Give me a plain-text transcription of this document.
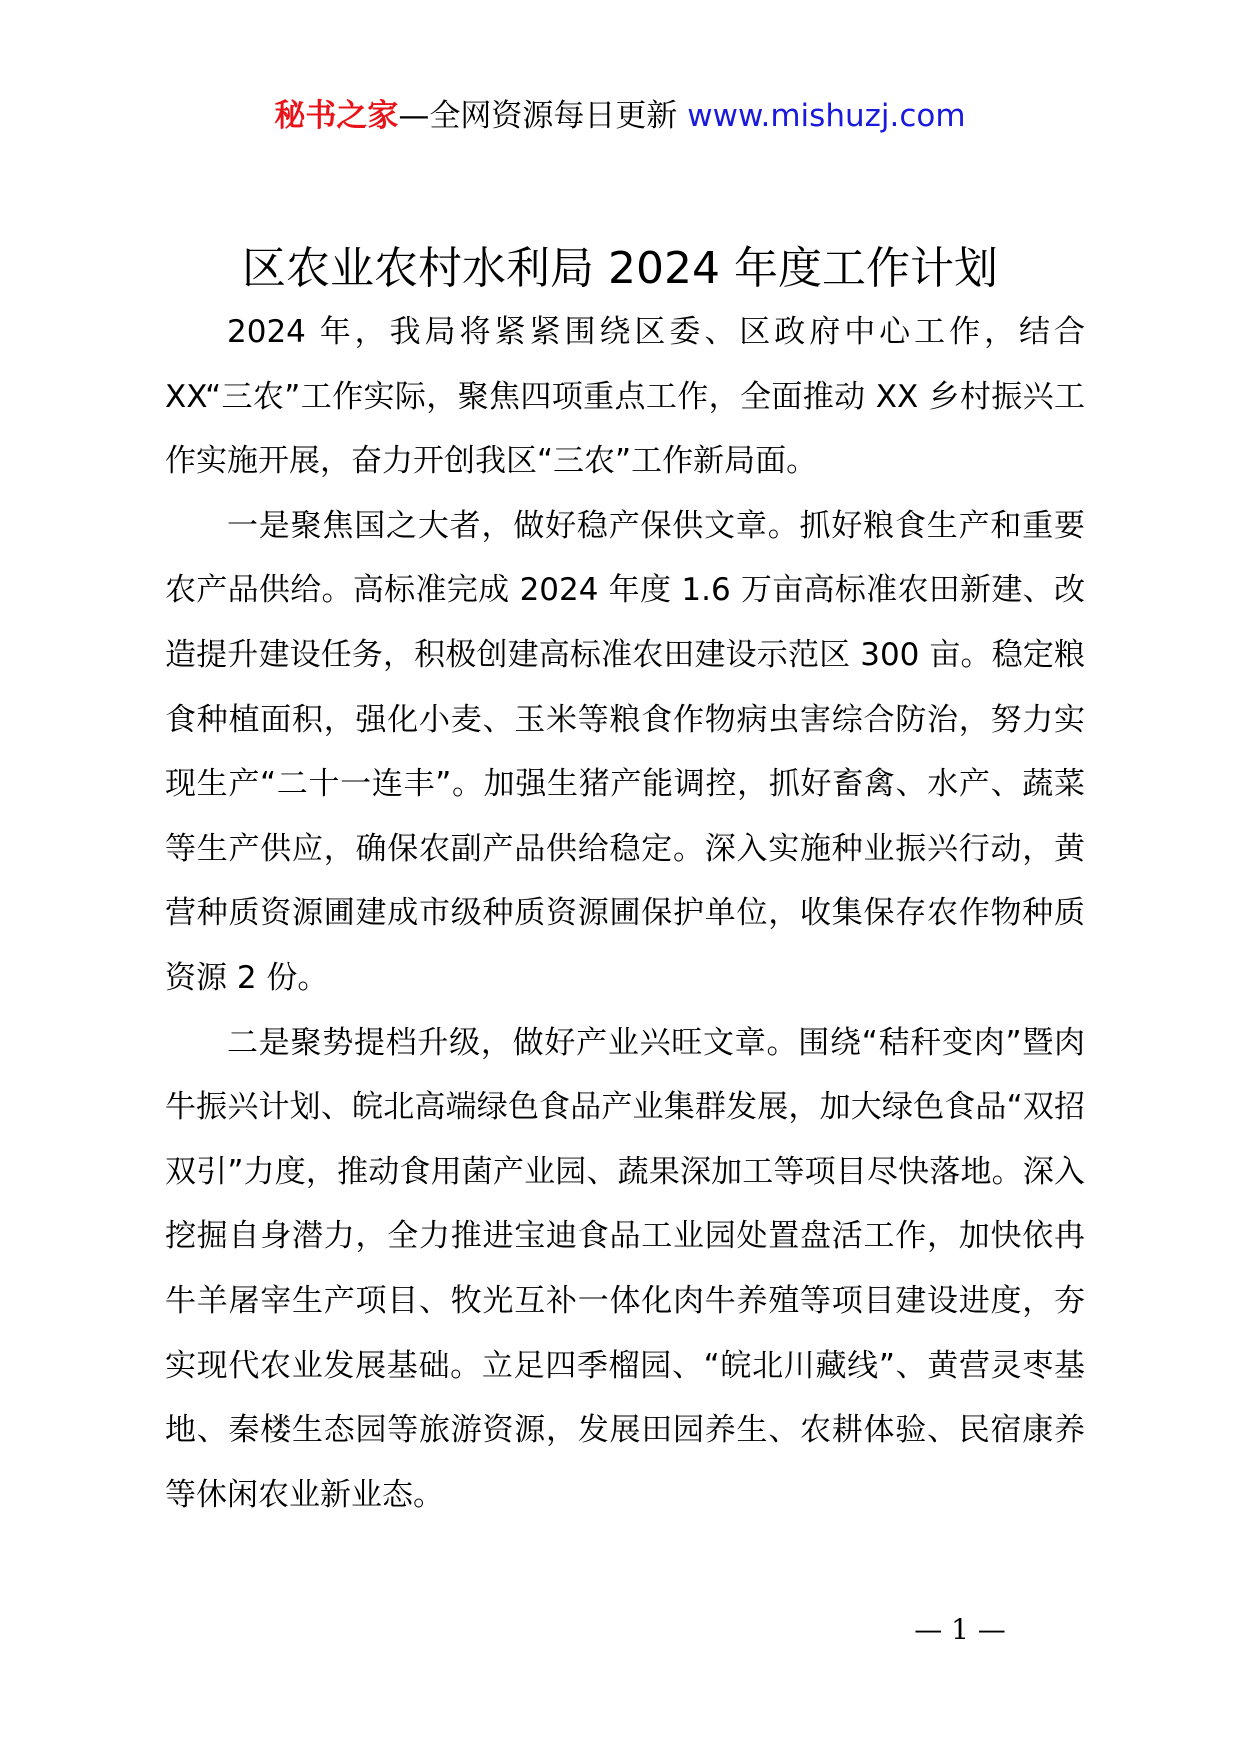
秘书之家—全网资源每日更新 www.mishuzj.com
区农业农村水利局 2024 年度工作计划

2024 年，我局将紧紧围绕区委、区政府中心工作，结合 XX“三农”工作实际，聚焦四项重点工作，全面推动 XX 乡村振兴工作实施开展，奋力开创我区“三农”工作新局面。

一是聚焦国之大者，做好稳产保供文章。抓好粮食生产和重要农产品供给。高标准完成 2024 年度 1.6 万亩高标准农田新建、改造提升建设任务，积极创建高标准农田建设示范区 300 亩。稳定粮食种植面积，强化小麦、玉米等粮食作物病虫害综合防治，努力实现生产“二十一连丰”。加强生猪产能调控，抓好畜禽、水产、蔬菜等生产供应，确保农副产品供给稳定。深入实施种业振兴行动，黄营种质资源圃建成市级种质资源圃保护单位，收集保存农作物种质资源 2 份。

二是聚势提档升级，做好产业兴旺文章。围绕“秸秆变肉”暨肉牛振兴计划、皖北高端绿色食品产业集群发展，加大绿色食品“双招双引”力度，推动食用菌产业园、蔬果深加工等项目尽快落地。深入挖掘自身潜力，全力推进宝迪食品工业园处置盘活工作，加快依冉牛羊屠宰生产项目、牧光互补一体化肉牛养殖等项目建设进度，夯实现代农业发展基础。立足四季榴园、“皖北川藏线”、黄营灵枣基地、秦楼生态园等旅游资源，发展田园养生、农耕体验、民宿康养等休闲农业新业态。

— 1 —
